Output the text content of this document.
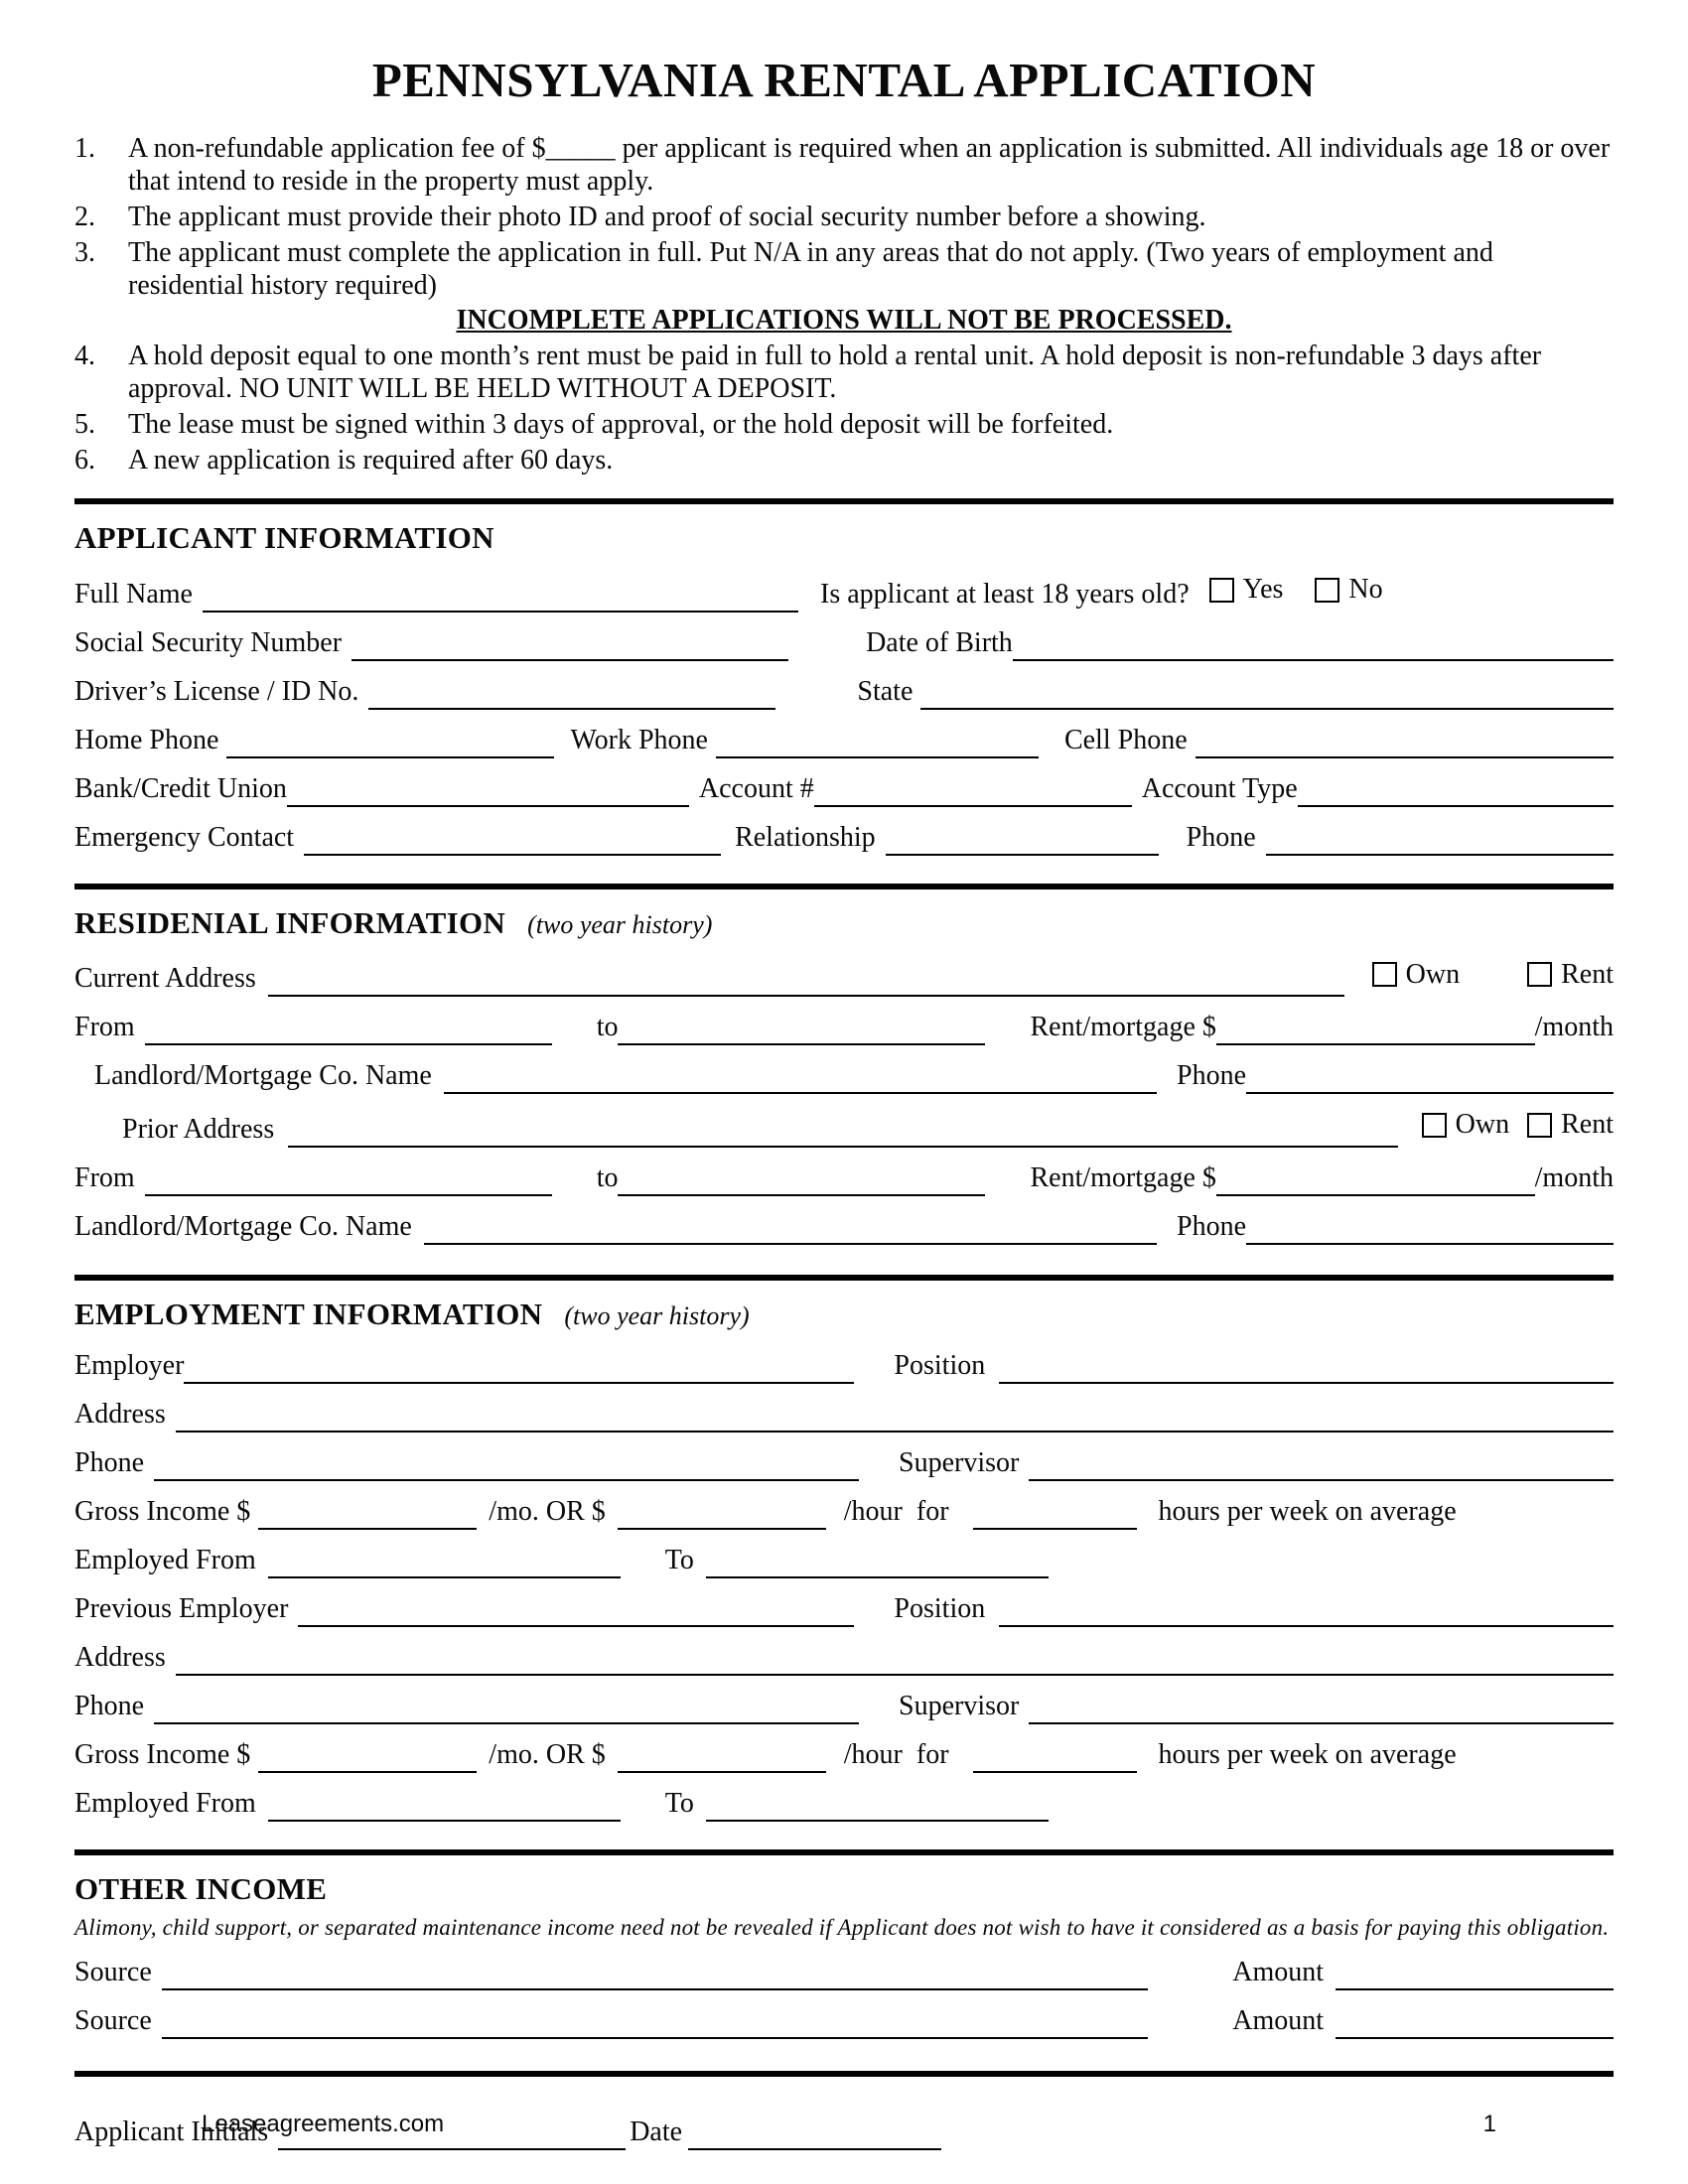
PENNSYLVANIA RENTAL APPLICATION
1.	A non-refundable application fee of $_____ per applicant is required when an application is submitted. All individuals age 18 or over that intend to reside in the property must apply.
2.	The applicant must provide their photo ID and proof of social security number before a showing.
3.	The applicant must complete the application in full. Put N/A in any areas that do not apply. (Two years of employment and residential history required)
INCOMPLETE APPLICATIONS WILL NOT BE PROCESSED.
4.	A hold deposit equal to one month’s rent must be paid in full to hold a rental unit. A hold deposit is non-refundable 3 days after approval. NO UNIT WILL BE HELD WITHOUT A DEPOSIT.
5.	The lease must be signed within 3 days of approval, or the hold deposit will be forfeited.
6.	A new application is required after 60 days.
APPLICANT INFORMATION
Full Name	Is applicant at least 18 years old? Yes No
Social Security Number	Date of Birth
Driver’s License / ID No.	State
Home Phone	Work Phone	Cell Phone
Bank/Credit Union	Account #	Account Type
Emergency Contact	Relationship	Phone
RESIDENIAL INFORMATION (two year history)
Current Address	Own	Rent
From	to	Rent/mortgage $	/month
Landlord/Mortgage Co. Name	Phone
Prior Address	Own Rent
From	to	Rent/mortgage $	/month
Landlord/Mortgage Co. Name	Phone
EMPLOYMENT INFORMATION (two year history)
Employer	Position
Address
Phone	Supervisor
Gross Income $	/mo. OR $	/hour  for	hours per week on average
Employed From	To
Previous Employer	Position
Address
Phone	Supervisor
Gross Income $	/mo. OR $	/hour  for	hours per week on average
Employed From	To
OTHER INCOME
Alimony, child support, or separated maintenance income need not be revealed if Applicant does not wish to have it considered as a basis for paying this obligation.
Source	Amount
Source	Amount
Applicant Initials	Date
Leaseagreements.com	1
